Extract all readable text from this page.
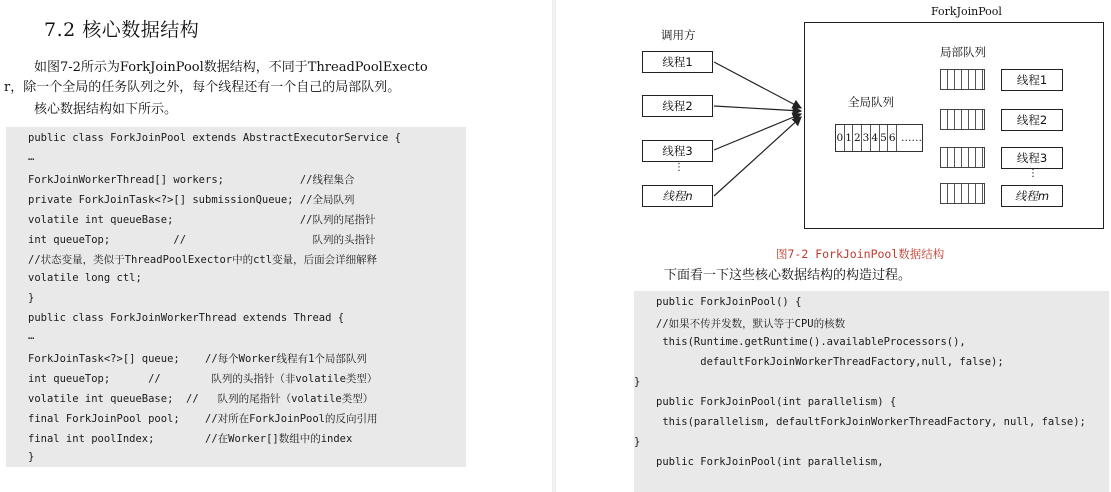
7.2 核心数据结构
如图7-2所示为ForkJoinPool数据结构，不同于ThreadPoolExecto
r，除一个全局的任务队列之外，每个线程还有一个自己的局部队列。
核心数据结构如下所示。
public class ForkJoinPool extends AbstractExecutorService {
…
ForkJoinWorkerThread[] workers;            //线程集合
private ForkJoinTask<?>[] submissionQueue; //全局队列
volatile int queueBase;                    //队列的尾指针
int queueTop;          //                    队列的头指针
//状态变量，类似于ThreadPoolExector中的ctl变量，后面会详细解释
volatile long ctl;
}
public class ForkJoinWorkerThread extends Thread {
…
ForkJoinTask<?>[] queue;    //每个Worker线程有1个局部队列
int queueTop;      //        队列的头指针（非volatile类型）
volatile int queueBase;  //   队列的尾指针（volatile类型）
final ForkJoinPool pool;    //对所在ForkJoinPool的反向引用
final int poolIndex;        //在Worker[]数组中的index
}
调用方
线程1
线程2
线程3
⋮
线程n
ForkJoinPool
全局队列
0 1 2 3 4 5 6 ……
局部队列
线程1
线程2
线程3
⋮
线程m
图7-2 ForkJoinPool数据结构
下面看一下这些核心数据结构的构造过程。
public ForkJoinPool() {
//如果不传并发数，默认等于CPU的核数
this(Runtime.getRuntime().availableProcessors(),
defaultForkJoinWorkerThreadFactory,null, false);
}
public ForkJoinPool(int parallelism) {
this(parallelism, defaultForkJoinWorkerThreadFactory, null, false);
}
public ForkJoinPool(int parallelism,
